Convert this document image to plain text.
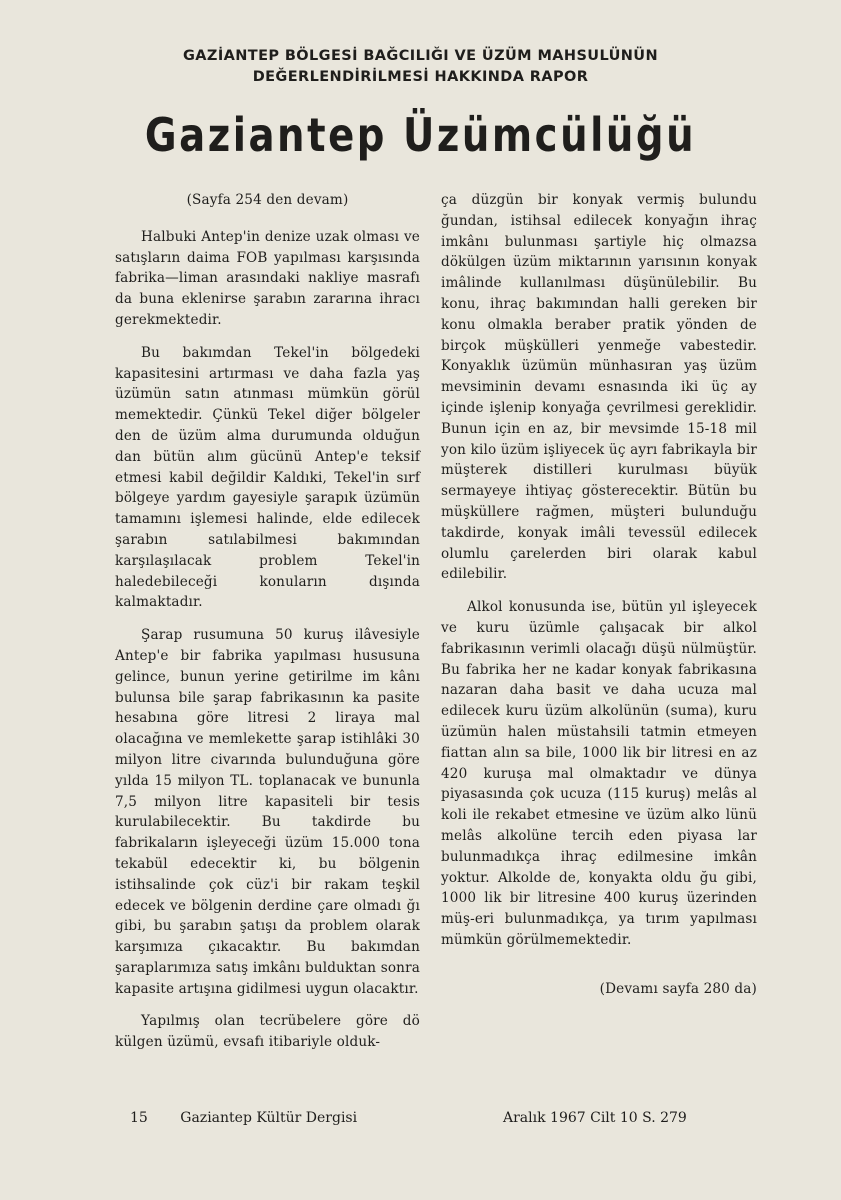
GAZİANTEP BÖLGESİ BAĞCILIĞI VE ÜZÜM MAHSULÜNÜN
DEĞERLENDİRİLMESİ HAKKINDA RAPOR
Gaziantep Üzümcülüğü

(Sayfa 254 den devam)

Halbuki Antep'in denize uzak olması ve satışların daima FOB yapılması karşısında fabrika—liman arasındaki nakliye masrafı da buna eklenirse şarabın zararına ihracı gerekmektedir.

Bu bakımdan Tekel'in bölgedeki kapasitesini artırması ve daha fazla yaş üzümün satın atınması mümkün görül memektedir. Çünkü Tekel diğer bölgeler den de üzüm alma durumunda olduğun dan bütün alım gücünü Antep'e teksif etmesi kabil değildir Kaldıki, Tekel'in sırf bölgeye yardım gayesiyle şarapık üzümün tamamını işlemesi halinde, elde edilecek şarabın satılabilmesi bakımından karşılaşılacak problem Tekel'in haledebileceği konuların dışında kalmaktadır.

Şarap rusumuna 50 kuruş ilâvesiyle Antep'e bir fabrika yapılması hususuna gelince, bunun yerine getirilme im kânı bulunsa bile şarap fabrikasının ka pasite hesabına göre litresi 2 liraya mal olacağına ve memlekette şarap istihlâki 30 milyon litre civarında bulunduğuna göre yılda 15 milyon TL. toplanacak ve bununla 7,5 milyon litre kapasiteli bir tesis kurulabilecektir. Bu takdirde bu fabrikaların işleyeceği üzüm 15.000 tona tekabül edecektir ki, bu bölgenin istihsalinde çok cüz'i bir rakam teşkil edecek ve bölgenin derdine çare olmadı ğı gibi, bu şarabın şatışı da problem olarak karşımıza çıkacaktır. Bu bakımdan şaraplarımıza satış imkânı bulduktan sonra kapasite artışına gidilmesi uygun olacaktır.

Yapılmış olan tecrübelere göre dö külgen üzümü, evsafı itibariyle olduk-

ça düzgün bir konyak vermiş bulundu ğundan, istihsal edilecek konyağın ihraç imkânı bulunması şartiyle hiç olmazsa dökülgen üzüm miktarının yarısının konyak imâlinde kullanılması düşünülebilir. Bu konu, ihraç bakımından halli gereken bir konu olmakla beraber pratik yönden de birçok müşkülleri yenmeğe vabestedir. Konyaklık üzümün münhasıran yaş üzüm mevsiminin devamı esnasında iki üç ay içinde işlenip konyağa çevrilmesi gereklidir. Bunun için en az, bir mevsimde 15-18 mil yon kilo üzüm işliyecek üç ayrı fabrikayla bir müşterek distilleri kurulması büyük sermayeye ihtiyaç gösterecektir. Bütün bu müşküllere rağmen, müşteri bulunduğu takdirde, konyak imâli tevessül edilecek olumlu çarelerden biri olarak kabul edilebilir.

Alkol konusunda ise, bütün yıl işleyecek ve kuru üzümle çalışacak bir alkol fabrikasının verimli olacağı düşü nülmüştür. Bu fabrika her ne kadar konyak fabrikasına nazaran daha basit ve daha ucuza mal edilecek kuru üzüm alkolünün (suma), kuru üzümün halen müstahsili tatmin etmeyen fiattan alın sa bile, 1000 lik bir litresi en az 420 kuruşa mal olmaktadır ve dünya piyasasında çok ucuza (115 kuruş) melâs al koli ile rekabet etmesine ve üzüm alko lünü melâs alkolüne tercih eden piyasa lar bulunmadıkça ihraç edilmesine imkân yoktur. Alkolde de, konyakta oldu ğu gibi, 1000 lik bir litresine 400 kuruş üzerinden müş-eri bulunmadıkça, ya tırım yapılması mümkün görülmemektedir.

(Devamı sayfa 280 da)

15 Gaziantep Kültür Dergisi	Aralık 1967 Cilt 10 S. 279
